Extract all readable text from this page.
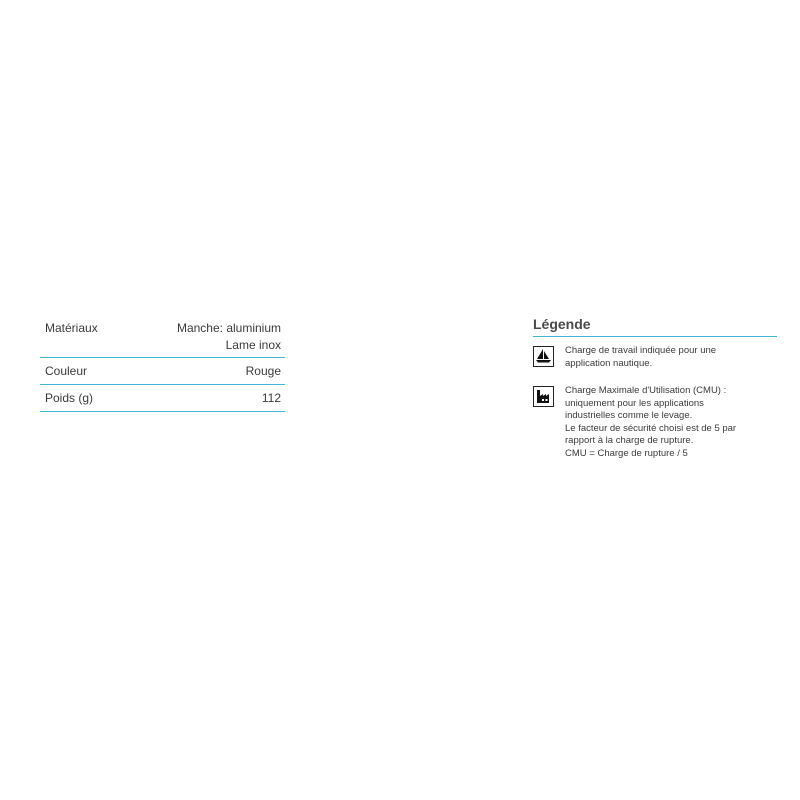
Matériaux	Manche: aluminium
Lame inox
Couleur	Rouge
Poids (g)	112
Légende
Charge de travail indiquée pour une
application nautique.
Charge Maximale d'Utilisation (CMU) :
uniquement pour les applications
industrielles comme le levage.
Le facteur de sécurité choisi est de 5 par
rapport à la charge de rupture.
CMU = Charge de rupture / 5
